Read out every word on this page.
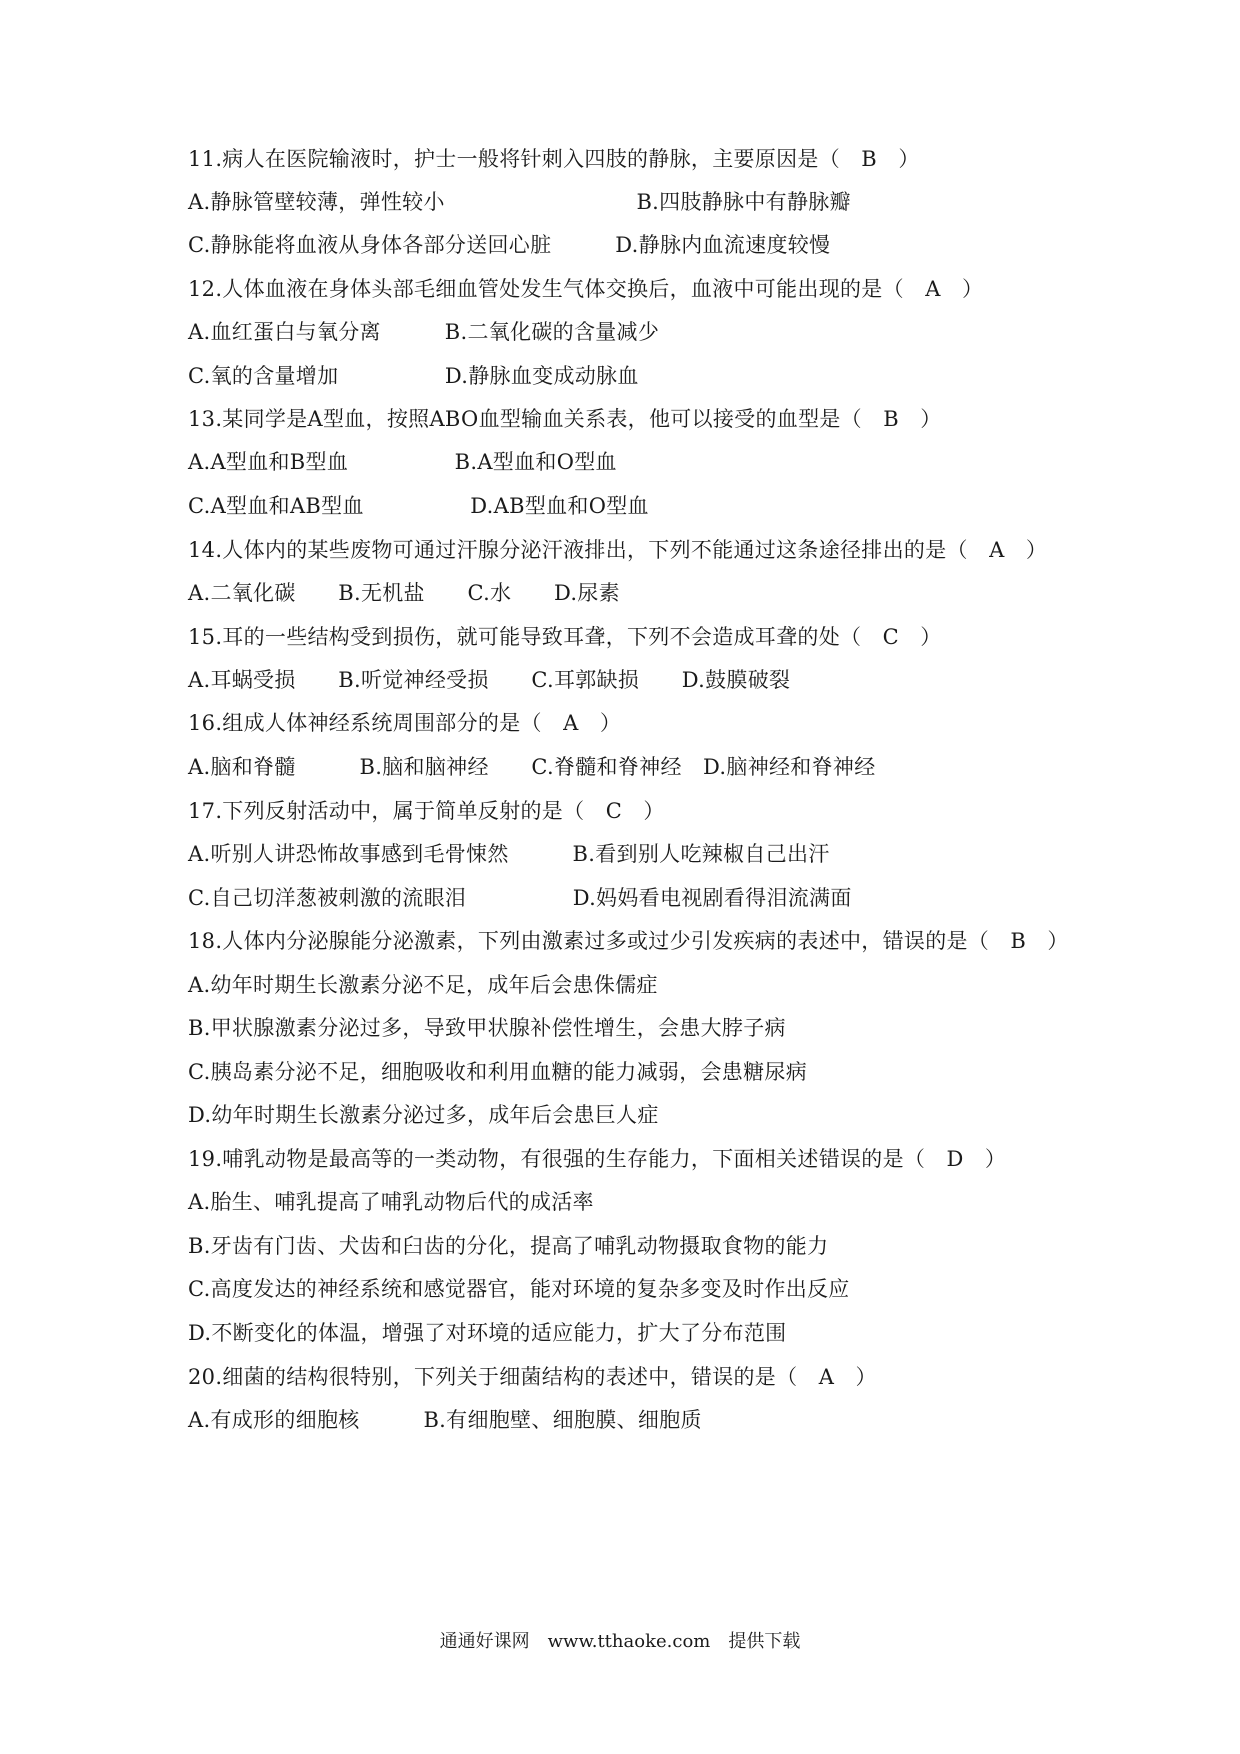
11.病人在医院输液时，护士一般将针刺入四肢的静脉，主要原因是（　B　）
A.静脉管壁较薄，弹性较小　　　　　　　　　B.四肢静脉中有静脉瓣
C.静脉能将血液从身体各部分送回心脏　　　D.静脉内血流速度较慢
12.人体血液在身体头部毛细血管处发生气体交换后，血液中可能出现的是（　A　）
A.血红蛋白与氧分离　　　B.二氧化碳的含量减少
C.氧的含量增加　　　　　D.静脉血变成动脉血
13.某同学是A型血，按照ABO血型输血关系表，他可以接受的血型是（　B　）
A.A型血和B型血　　　　　B.A型血和O型血
C.A型血和AB型血　　　　　D.AB型血和O型血
14.人体内的某些废物可通过汗腺分泌汗液排出，下列不能通过这条途径排出的是（　A　）
A.二氧化碳　　B.无机盐　　C.水　　D.尿素
15.耳的一些结构受到损伤，就可能导致耳聋，下列不会造成耳聋的处（　C　）
A.耳蜗受损　　B.听觉神经受损　　C.耳郭缺损　　D.鼓膜破裂
16.组成人体神经系统周围部分的是（　A　）
A.脑和脊髓　　　B.脑和脑神经　　C.脊髓和脊神经　D.脑神经和脊神经
17.下列反射活动中，属于简单反射的是（　C　）
A.听别人讲恐怖故事感到毛骨悚然　　　B.看到别人吃辣椒自己出汗
C.自己切洋葱被刺激的流眼泪　　　　　D.妈妈看电视剧看得泪流满面
18.人体内分泌腺能分泌激素，下列由激素过多或过少引发疾病的表述中，错误的是（　B　）
A.幼年时期生长激素分泌不足，成年后会患侏儒症
B.甲状腺激素分泌过多，导致甲状腺补偿性增生，会患大脖子病
C.胰岛素分泌不足，细胞吸收和利用血糖的能力减弱，会患糖尿病
D.幼年时期生长激素分泌过多，成年后会患巨人症
19.哺乳动物是最高等的一类动物，有很强的生存能力，下面相关述错误的是（　D　）
A.胎生、哺乳提高了哺乳动物后代的成活率
B.牙齿有门齿、犬齿和臼齿的分化，提高了哺乳动物摄取食物的能力
C.高度发达的神经系统和感觉器官，能对环境的复杂多变及时作出反应
D.不断变化的体温，增强了对环境的适应能力，扩大了分布范围
20.细菌的结构很特别，下列关于细菌结构的表述中，错误的是（　A　）
A.有成形的细胞核　　　B.有细胞壁、细胞膜、细胞质
通通好课网　www.tthaoke.com　提供下载
